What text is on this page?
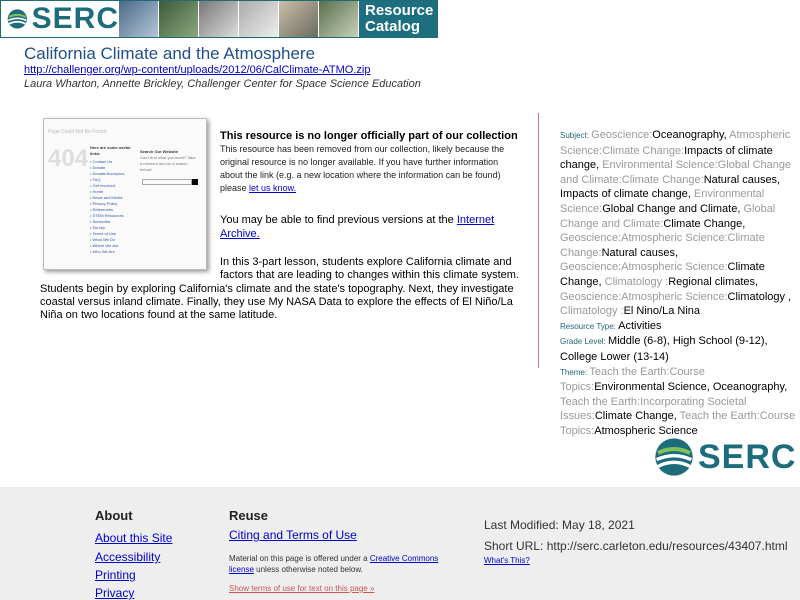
SERC	Resource
Catalog
California Climate and the Atmosphere
http://challenger.org/wp-content/uploads/2012/06/CalClimate-ATMO.zip
Laura Wharton, Annette Brickley, Challenger Center for Space Science Education
Page Could Not Be Found
404 Here are some useful links:
• Contact Us
• Donate
• Donate/Anonyous
• FAQ
• Get Involved
• Home
• News and Media
• Privacy Policy
• References
• STEM Resources
• Subscribe
• Survey
• Terms of Use
• What We Do
• Where We Are
• Who We Are
Search Our Website
Can't find what you need? Take a moment and do a search below!
This resource is no longer officially part of our collection This resource has been removed from our collection, likely because the original resource is no longer available. If you have further information about the link (e.g. a new location where the information can be found) please let us know.
You may be able to find previous versions at the Internet Archive.
In this 3-part lesson, students explore California climate and factors that are leading to changes within this climate system.
Students begin by exploring California's climate and the state's topography. Next, they investigate coastal versus inland climate. Finally, they use My NASA Data to explore the effects of El Niño/La Niña on two locations found at the same latitude.
Subject: Geoscience:Oceanography, Atmospheric Science:Climate Change:Impacts of climate change, Environmental Science:Global Change and Climate:Climate Change:Natural causes, Impacts of climate change, Environmental Science:Global Change and Climate, Global Change and Climate:Climate Change, Geoscience:Atmospheric Science:Climate Change:Natural causes, Geoscience:Atmospheric Science:Climate Change, Climatology :Regional climates, Geoscience:Atmospheric Science:Climatology , Climatology :El Nino/La Nina
Resource Type: Activities
Grade Level: Middle (6-8), High School (9-12), College Lower (13-14)
Theme: Teach the Earth:Course Topics:Environmental Science, Oceanography, Teach the Earth:Incorporating Societal Issues:Climate Change, Teach the Earth:Course Topics:Atmospheric Science
SERC
About
About this Site
Accessibility
Printing
Privacy
Reuse
Citing and Terms of Use
Material on this page is offered under a Creative Commons
license unless otherwise noted below.
Show terms of use for text on this page »
Last Modified: May 18, 2021
Short URL: http://serc.carleton.edu/resources/43407.html
What's This?
